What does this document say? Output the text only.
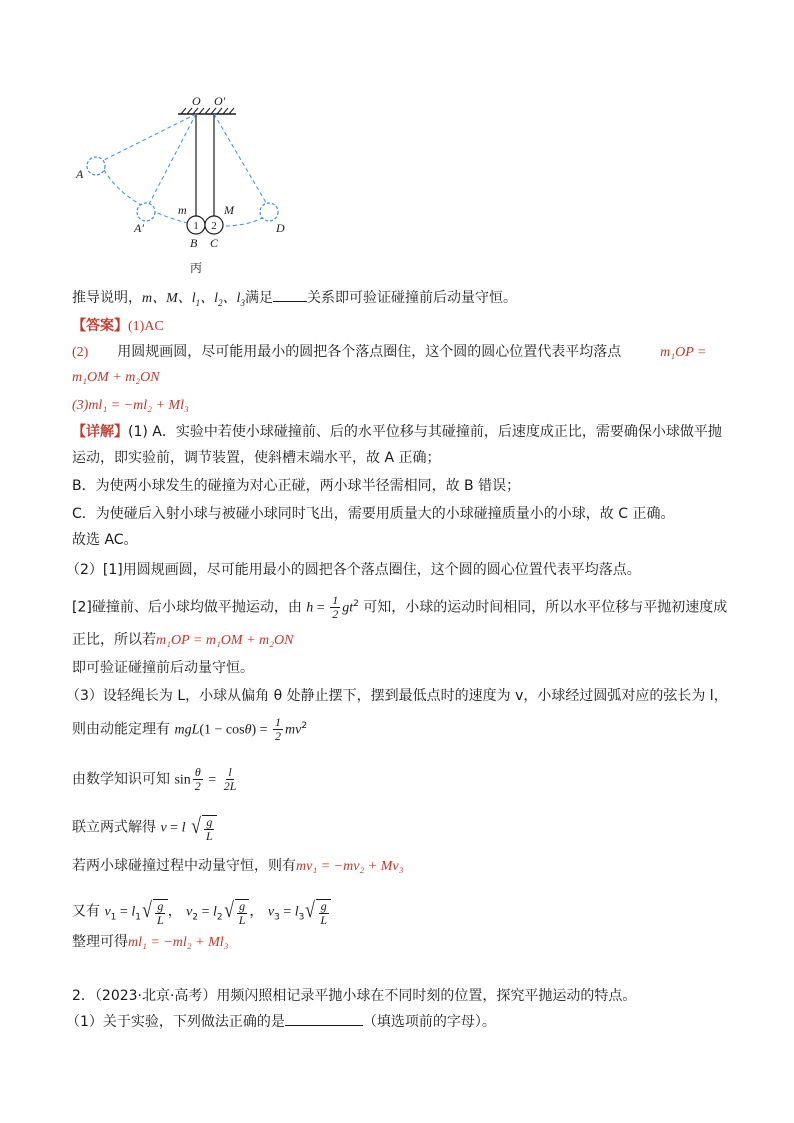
O O′
A
A′
m	M
B C
D
1 2
丙
推导说明，m、M、$l_1$、$l_2$、$l_3$满足 关系即可验证碰撞前后动量守恒。
【答案】(1)AC
(2) 用圆规画圆，尽可能用最小的圆把各个落点圈住，这个圆的圆心位置代表平均落点	m₁OP =
m₁OM + m₂ON
(3)ml₁ = −ml₂ + Ml₃
【详解】(1) A．实验中若使小球碰撞前、后的水平位移与其碰撞前，后速度成正比，需要确保小球做平抛
运动，即实验前，调节装置，使斜槽末端水平，故 A 正确；
B．为使两小球发生的碰撞为对心正碰，两小球半径需相同，故 B 错误；
C．为使碰后入射小球与被碰小球同时飞出，需要用质量大的小球碰撞质量小的小球，故 C 正确。
故选 AC。
（2）[1]用圆规画圆，尽可能用最小的圆把各个落点圈住，这个圆的圆心位置代表平均落点。
[2]碰撞前、后小球均做平抛运动，由 $h = \frac{1}{2} gt^2$ 可知，小球的运动时间相同，所以水平位移与平抛初速度成
正比，所以若m₁OP = m₁OM + m₂ON
即可验证碰撞前后动量守恒。
（3）设轻绳长为 L，小球从偏角 θ 处静止摆下，摆到最低点时的速度为 v，小球经过圆弧对应的弦长为 l，
则由动能定理有 $mgL(1 - \cos\theta) = \frac{1}{2} mv^2$
由数学知识可知 $\sin \frac{\theta}{2} = \frac{l}{2L}$
联立两式解得 v = l √ $\frac{g}{L}$
若两小球碰撞过程中动量守恒，则有mv₁ = −mv₂ + Mv₃
又有 $v_1 = l_1$ √ $\frac{g}{L}$ ， $v_2 = l_2$ √ $\frac{g}{L}$ ， $v_3 = l_3$ √ $\frac{g}{L}$
整理可得ml₁ = −ml₂ + Ml₃
2．（2023·北京·高考）用频闪照相记录平抛小球在不同时刻的位置，探究平抛运动的特点。
（1）关于实验，下列做法正确的是	（填选项前的字母）。
